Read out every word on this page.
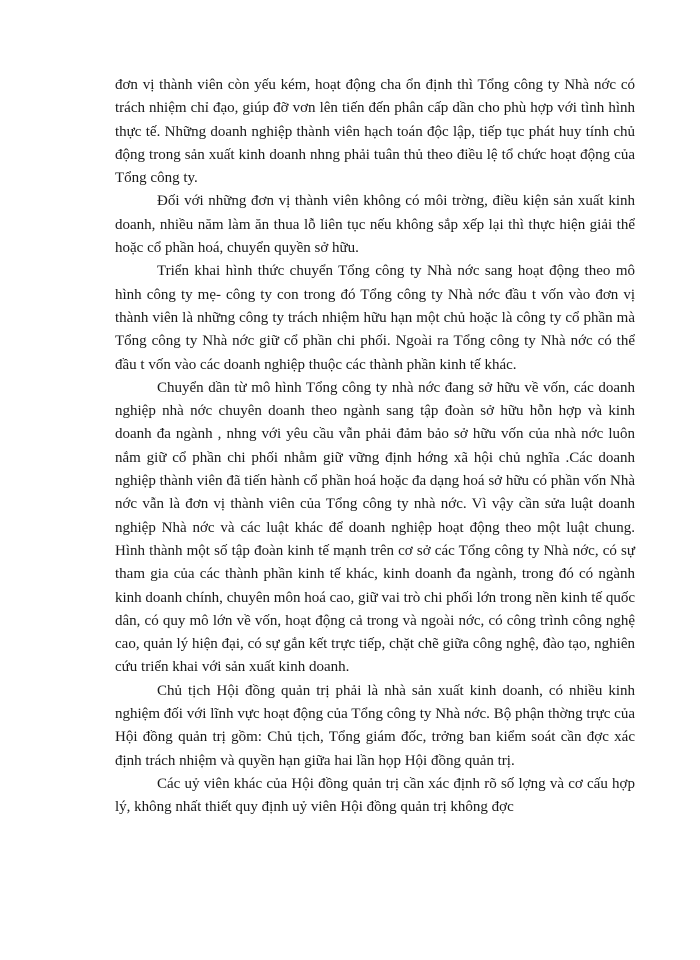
đơn vị thành viên còn yếu kém, hoạt động cha ổn định thì Tổng công ty Nhà nớc có trách nhiệm chỉ đạo, giúp đỡ vơn lên tiến đến phân cấp dần cho phù hợp với tình hình thực tế. Những doanh nghiệp thành viên hạch toán độc lập, tiếp tục phát huy tính chủ động trong sản xuất kinh doanh nhng phải tuân thủ theo điều lệ tổ chức hoạt động của Tổng công ty.

Đối với những đơn vị thành viên không có môi trờng, điều kiện sản xuất kinh doanh, nhiều năm làm ăn thua lỗ liên tục nếu không sắp xếp lại thì thực hiện giải thể hoặc cổ phần hoá, chuyển quyền sở hữu.

Triển khai hình thức chuyển Tổng công ty Nhà nớc sang hoạt động theo mô hình công ty mẹ- công ty con trong đó Tổng công ty Nhà nớc đầu t vốn vào đơn vị thành viên là những công ty trách nhiệm hữu hạn một chủ hoặc là công ty cổ phần mà Tổng công ty Nhà nớc giữ cổ phần chi phối. Ngoài ra Tổng công ty Nhà nớc có thể đầu t vốn vào các doanh nghiệp thuộc các thành phần kinh tế khác.

Chuyển dần từ mô hình Tổng công ty nhà nớc đang sở hữu về vốn, các doanh nghiệp nhà nớc chuyên doanh theo ngành sang tập đoàn sở hữu hỗn hợp và kinh doanh đa ngành , nhng với yêu cầu vẫn phải đảm bảo sở hữu vốn của nhà nớc luôn nắm giữ cổ phần chi phối nhằm giữ vững định hớng xã hội chủ nghĩa .Các doanh nghiệp thành viên đã tiến hành cổ phần hoá hoặc đa dạng hoá sở hữu có phần vốn Nhà nớc vẫn là đơn vị thành viên của Tổng công ty nhà nớc. Vì vậy cần sửa luật doanh nghiệp Nhà nớc và các luật khác để doanh nghiệp hoạt động theo một luật chung. Hình thành một số tập đoàn kinh tế mạnh trên cơ sở các Tổng công ty Nhà nớc, có sự tham gia của các thành phần kinh tế khác, kinh doanh đa ngành, trong đó có ngành kinh doanh chính, chuyên môn hoá cao, giữ vai trò chi phối lớn trong nền kinh tế quốc dân, có quy mô lớn về vốn, hoạt động cả trong và ngoài nớc, có công trình công nghệ cao, quản lý hiện đại, có sự gắn kết trực tiếp, chặt chẽ giữa công nghệ, đào tạo, nghiên cứu triển khai với sản xuất kinh doanh.

Chủ tịch Hội đồng quản trị phải là nhà sản xuất kinh doanh, có nhiều kinh nghiệm đối với lĩnh vực hoạt động của Tổng công ty Nhà nớc. Bộ phận thờng trực của Hội đồng quản trị gồm: Chủ tịch, Tổng giám đốc, trởng ban kiểm soát cần đợc xác định trách nhiệm và quyền hạn giữa hai lần họp Hội đồng quản trị.

Các uỷ viên khác của Hội đồng quản trị cần xác định rõ số lợng và cơ cấu hợp lý, không nhất thiết quy định uỷ viên Hội đồng quản trị không đợc
